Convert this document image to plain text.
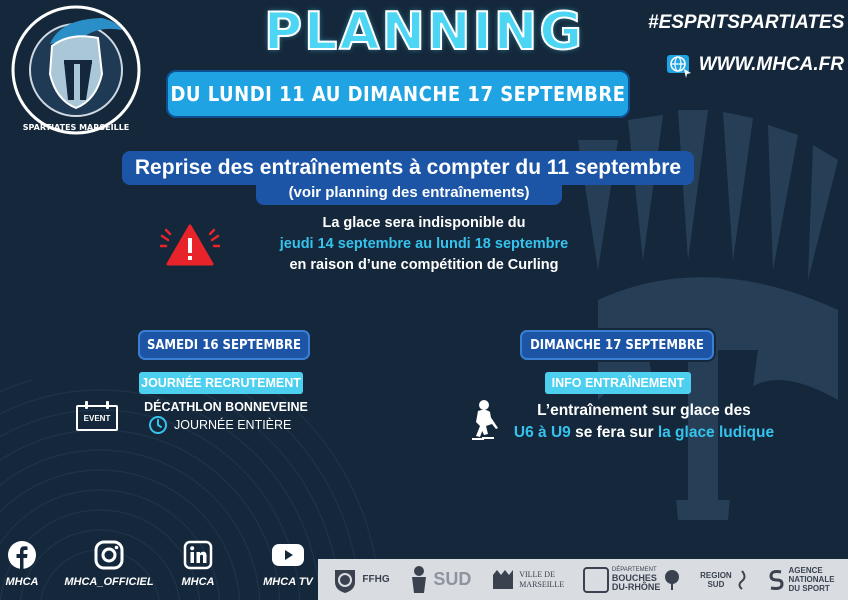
SPARTIATES MARSEILLE
PLANNING
DU LUNDI 11 AU DIMANCHE 17 SEPTEMBRE
#ESPRITSPARTIATES
WWW.MHCA.FR
Reprise des entraînements à compter du 11 septembre
(voir planning des entraînements)
La glace sera indisponible du
jeudi 14 septembre au lundi 18 septembre
en raison d’une compétition de Curling
SAMEDI 16 SEPTEMBRE
JOURNÉE RECRUTEMENT
EVENT
DÉCATHLON BONNEVEINE
JOURNÉE ENTIÈRE
DIMANCHE 17 SEPTEMBRE
INFO ENTRAÎNEMENT
L’entraînement sur glace des
U6 à U9 se fera sur la glace ludique
MHCA	MHCA_OFFICIEL	MHCA	MHCA TV	FFHG SUD	VILLE DE
MARSEILLE
DÉPARTEMENT
BOUCHES
DU-RHÔNE
REGION
SUD
AGENCE
NATIONALE
DU SPORT
